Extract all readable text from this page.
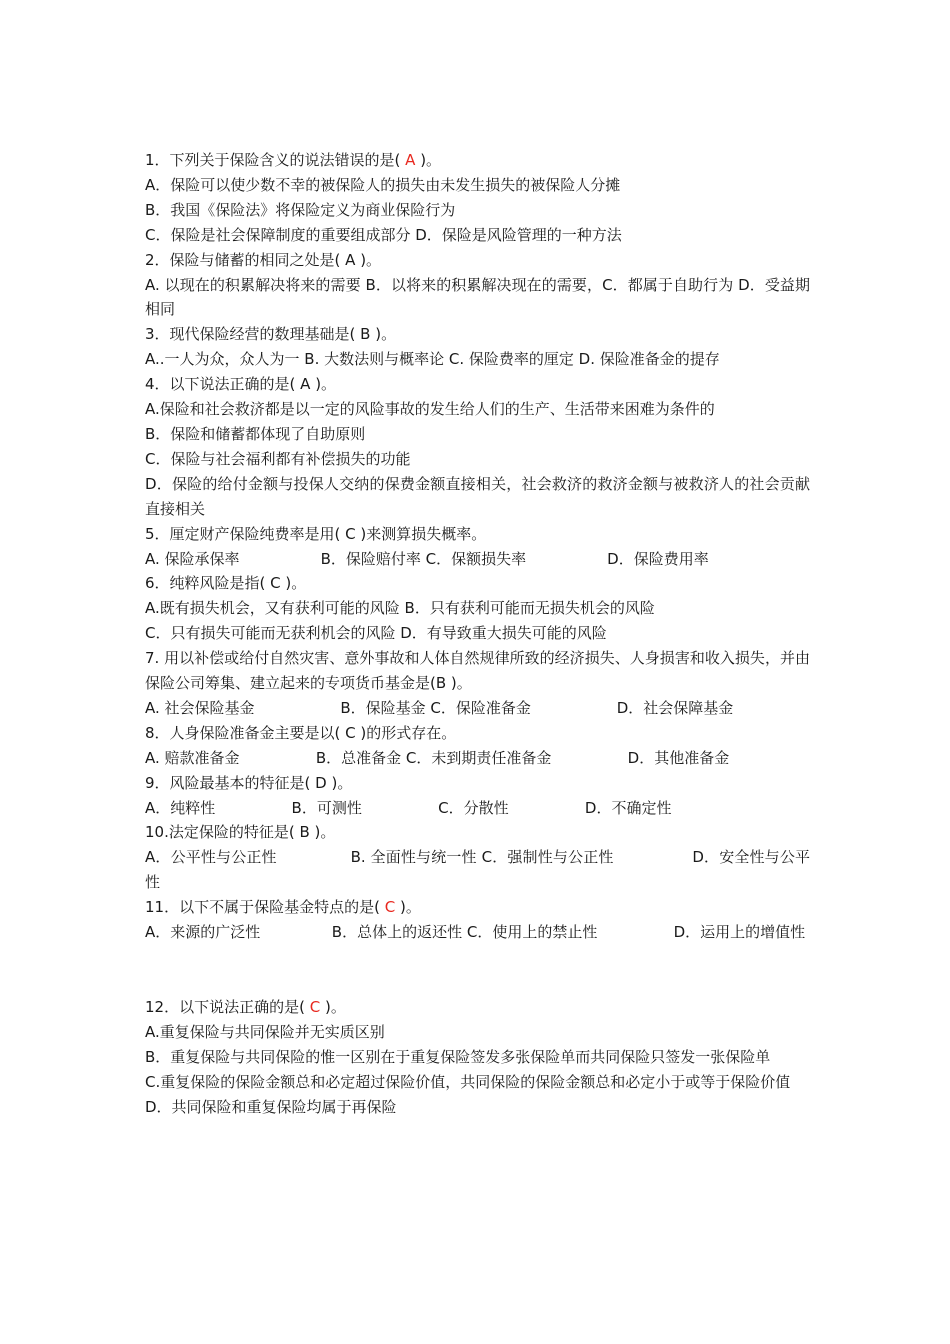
1．下列关于保险含义的说法错误的是( A )。
A．保险可以使少数不幸的被保险人的损失由未发生损失的被保险人分摊
B．我国《保险法》将保险定义为商业保险行为
C．保险是社会保障制度的重要组成部分 D．保险是风险管理的一种方法
2．保险与储蓄的相同之处是( A )。
A. 以现在的积累解决将来的需要 B．以将来的积累解决现在的需要，C．都属于自助行为 D．受益期相同
3．现代保险经营的数理基础是( B )。
A..一人为众，众人为一 B. 大数法则与概率论 C. 保险费率的厘定 D. 保险准备金的提存
4．以下说法正确的是( A )。
A.保险和社会救济都是以一定的风险事故的发生给人们的生产、生活带来困难为条件的
B．保险和储蓄都体现了自助原则
C．保险与社会福利都有补偿损失的功能
D．保险的给付金额与投保人交纳的保费金额直接相关，社会救济的救济金额与被救济人的社会贡献直接相关
5．厘定财产保险纯费率是用( C )来测算损失概率。
A. 保险承保率                 B．保险赔付率 C．保额损失率                 D．保险费用率
6．纯粹风险是指( C )。
A.既有损失机会，又有获利可能的风险 B．只有获利可能而无损失机会的风险
C．只有损失可能而无获利机会的风险 D．有导致重大损失可能的风险
7. 用以补偿或给付自然灾害、意外事故和人体自然规律所致的经济损失、人身损害和收入损失，并由保险公司筹集、建立起来的专项货币基金是(B )。
A. 社会保险基金                  B．保险基金 C．保险准备金                  D．社会保障基金
8．人身保险准备金主要是以( C )的形式存在。
A. 赔款准备金                B．总准备金 C．未到期责任准备金                D．其他准备金
9．风险最基本的特征是( D )。
A．纯粹性                B．可测性                C．分散性                D．不确定性
10.法定保险的特征是( B )。
A．公平性与公正性               B. 全面性与统一性 C．强制性与公正性                D．安全性与公平性
11．以下不属于保险基金特点的是( C )。
A．来源的广泛性               B．总体上的返还性 C．使用上的禁止性                D．运用上的增值性
12．以下说法正确的是( C )。
A.重复保险与共同保险并无实质区别
B．重复保险与共同保险的惟一区别在于重复保险签发多张保险单而共同保险只签发一张保险单
C.重复保险的保险金额总和必定超过保险价值，共同保险的保险金额总和必定小于或等于保险价值
D．共同保险和重复保险均属于再保险
